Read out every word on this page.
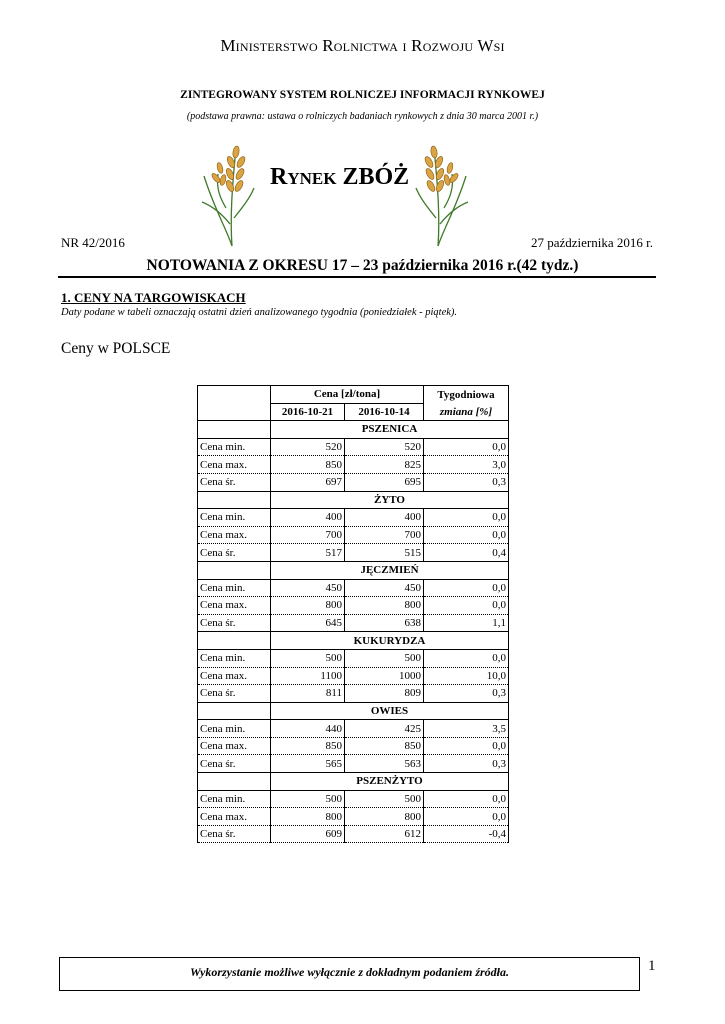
Ministerstwo Rolnictwa i Rozwoju Wsi
ZINTEGROWANY SYSTEM ROLNICZEJ INFORMACJI RYNKOWEJ
(podstawa prawna: ustawa o rolniczych badaniach rynkowych z dnia 30 marca 2001 r.)
Rynek ZBÓŻ
NR 42/2016	27 października 2016 r.
NOTOWANIA Z OKRESU 17 – 23 października 2016 r.(42 tydz.)
1. CENY NA TARGOWISKACH
Daty podane w tabeli oznaczają ostatni dzień analizowanego tygodnia (poniedziałek - piątek).
Ceny w POLSCE
	Cena [zł/tona]		Tygodniowa
	2016-10-21	2016-10-14	zmiana [%]
	PSZENICA		
Cena min.	520	520	0,0
Cena max.	850	825	3,0
Cena śr.	697	695	0,3
	ŻYTO		
Cena min.	400	400	0,0
Cena max.	700	700	0,0
Cena śr.	517	515	0,4
	JĘCZMIEŃ		
Cena min.	450	450	0,0
Cena max.	800	800	0,0
Cena śr.	645	638	1,1
	KUKURYDZA		
Cena min.	500	500	0,0
Cena max.	1100	1000	10,0
Cena śr.	811	809	0,3
	OWIES		
Cena min.	440	425	3,5
Cena max.	850	850	0,0
Cena śr.	565	563	0,3
	PSZENŻYTO		
Cena min.	500	500	0,0
Cena max.	800	800	0,0
Cena śr.	609	612	-0,4
Wykorzystanie możliwe wyłącznie z dokładnym podaniem źródła.	1
